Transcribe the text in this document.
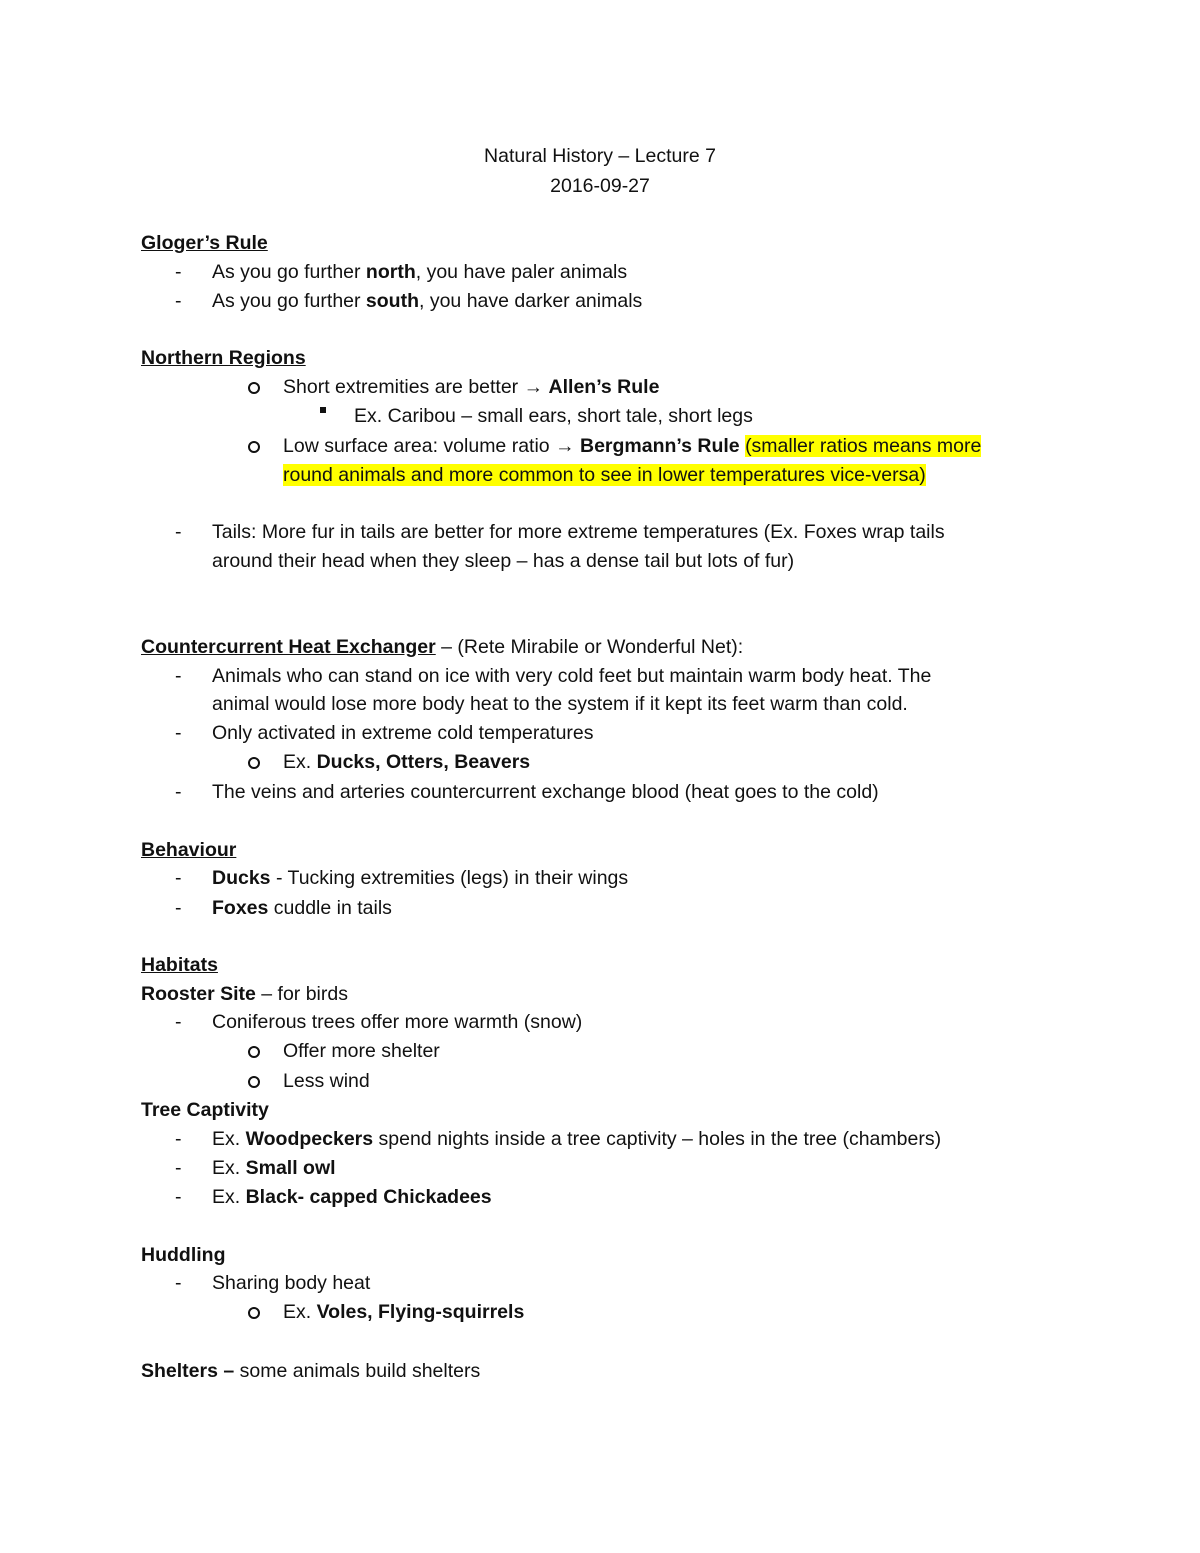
Natural History – Lecture 7
2016-09-27
Gloger’s Rule
- As you go further north, you have paler animals
- As you go further south, you have darker animals
Northern Regions
Short extremities are better → Allen’s Rule
Ex. Caribou – small ears, short tale, short legs
Low surface area: volume ratio → Bergmann’s Rule (smaller ratios means more
round animals and more common to see in lower temperatures vice-versa)
- Tails: More fur in tails are better for more extreme temperatures (Ex. Foxes wrap tails
around their head when they sleep – has a dense tail but lots of fur)
Countercurrent Heat Exchanger – (Rete Mirabile or Wonderful Net):
- Animals who can stand on ice with very cold feet but maintain warm body heat. The
animal would lose more body heat to the system if it kept its feet warm than cold.
- Only activated in extreme cold temperatures
Ex. Ducks, Otters, Beavers
- The veins and arteries countercurrent exchange blood (heat goes to the cold)
Behaviour
- Ducks - Tucking extremities (legs) in their wings
- Foxes cuddle in tails
Habitats
Rooster Site – for birds
- Coniferous trees offer more warmth (snow)
Offer more shelter
Less wind
Tree Captivity
- Ex. Woodpeckers spend nights inside a tree captivity – holes in the tree (chambers)
- Ex. Small owl
- Ex. Black- capped Chickadees
Huddling
- Sharing body heat
Ex. Voles, Flying-squirrels
Shelters – some animals build shelters
